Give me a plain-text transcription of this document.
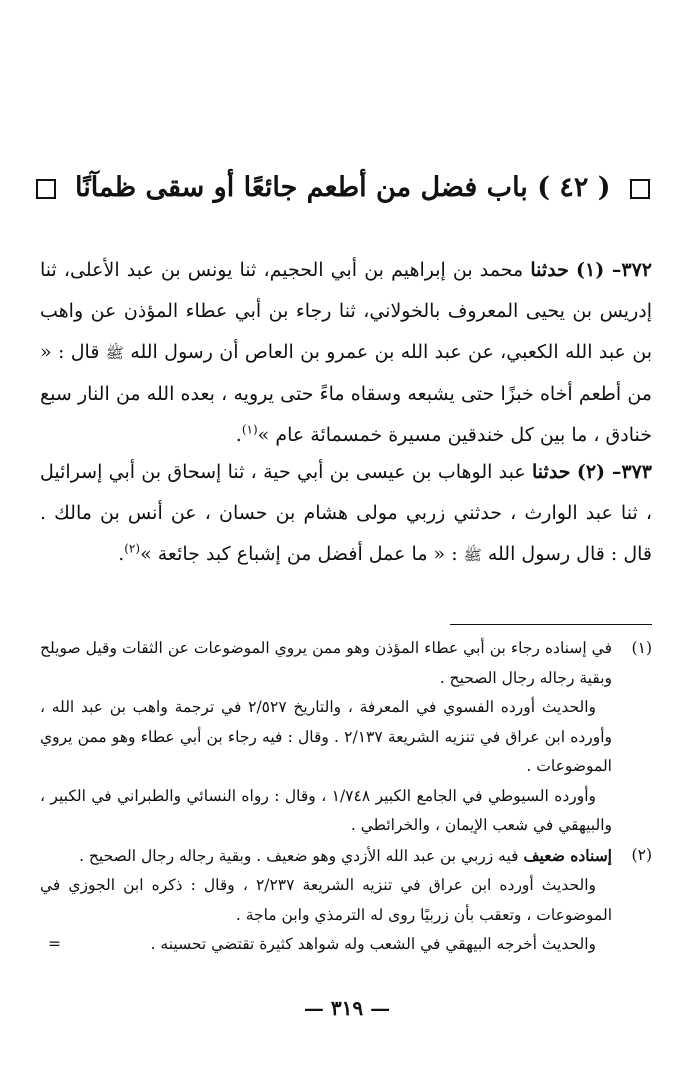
( ٤٢ ) باب فضل من أطعم جائعًا أو سقى ظمآنًا
٣٧٢– (١) حدثنا محمد بن إبراهيم بن أبي الحجيم، ثنا يونس بن عبد الأعلى، ثنا إدريس بن يحيى المعروف بالخولاني، ثنا رجاء بن أبي عطاء المؤذن عن واهب بن عبد الله الكعبي، عن عبد الله بن عمرو بن العاص أن رسول الله ﷺ قال : « من أطعم أخاه خبزًا حتى يشبعه وسقاه ماءً حتى يرويه ، بعده الله من النار سبع خنادق ، ما بين كل خندقين مسيرة خمسمائة عام »$^{(١)}$.
٣٧٣– (٢) حدثنا عبد الوهاب بن عيسى بن أبي حية ، ثنا إسحاق بن أبي إسرائيل ، ثنا عبد الوارث ، حدثني زربي مولى هشام بن حسان ، عن أنس بن مالك . قال : قال رسول الله ﷺ : « ما عمل أفضل من إشباع كبد جائعة »$^{(٢)}$.
(١)

في إسناده رجاء بن أبي عطاء المؤذن وهو ممن يروي الموضوعات عن الثقات وقيل صويلح وبقية رجاله رجال الصحيح .

والحديث أورده الفسوي في المعرفة ، والتاريخ ٢/٥٢٧ في ترجمة واهب بن عبد الله ، وأورده ابن عراق في تنزيه الشريعة ٢/١٣٧ . وقال : فيه رجاء بن أبي عطاء وهو ممن يروي الموضوعات .

وأورده السيوطي في الجامع الكبير ١/٧٤٨ ، وقال : رواه النسائي والطبراني في الكبير ، والبيهقي في شعب الإيمان ، والخرائطي .

(٢)

إسناده ضعيف فيه زربي بن عبد الله الأزدي وهو ضعيف . وبقية رجاله رجال الصحيح .

والحديث أورده ابن عراق في تنزيه الشريعة ٢/٢٣٧ ، وقال : ذكره ابن الجوزي في الموضوعات ، وتعقب بأن زربيًا روى له الترمذي وابن ماجة .

والحديث أخرجه البيهقي في الشعب وله شواهد كثيرة تقتضي تحسينه .
=

— ٣١٩ —
